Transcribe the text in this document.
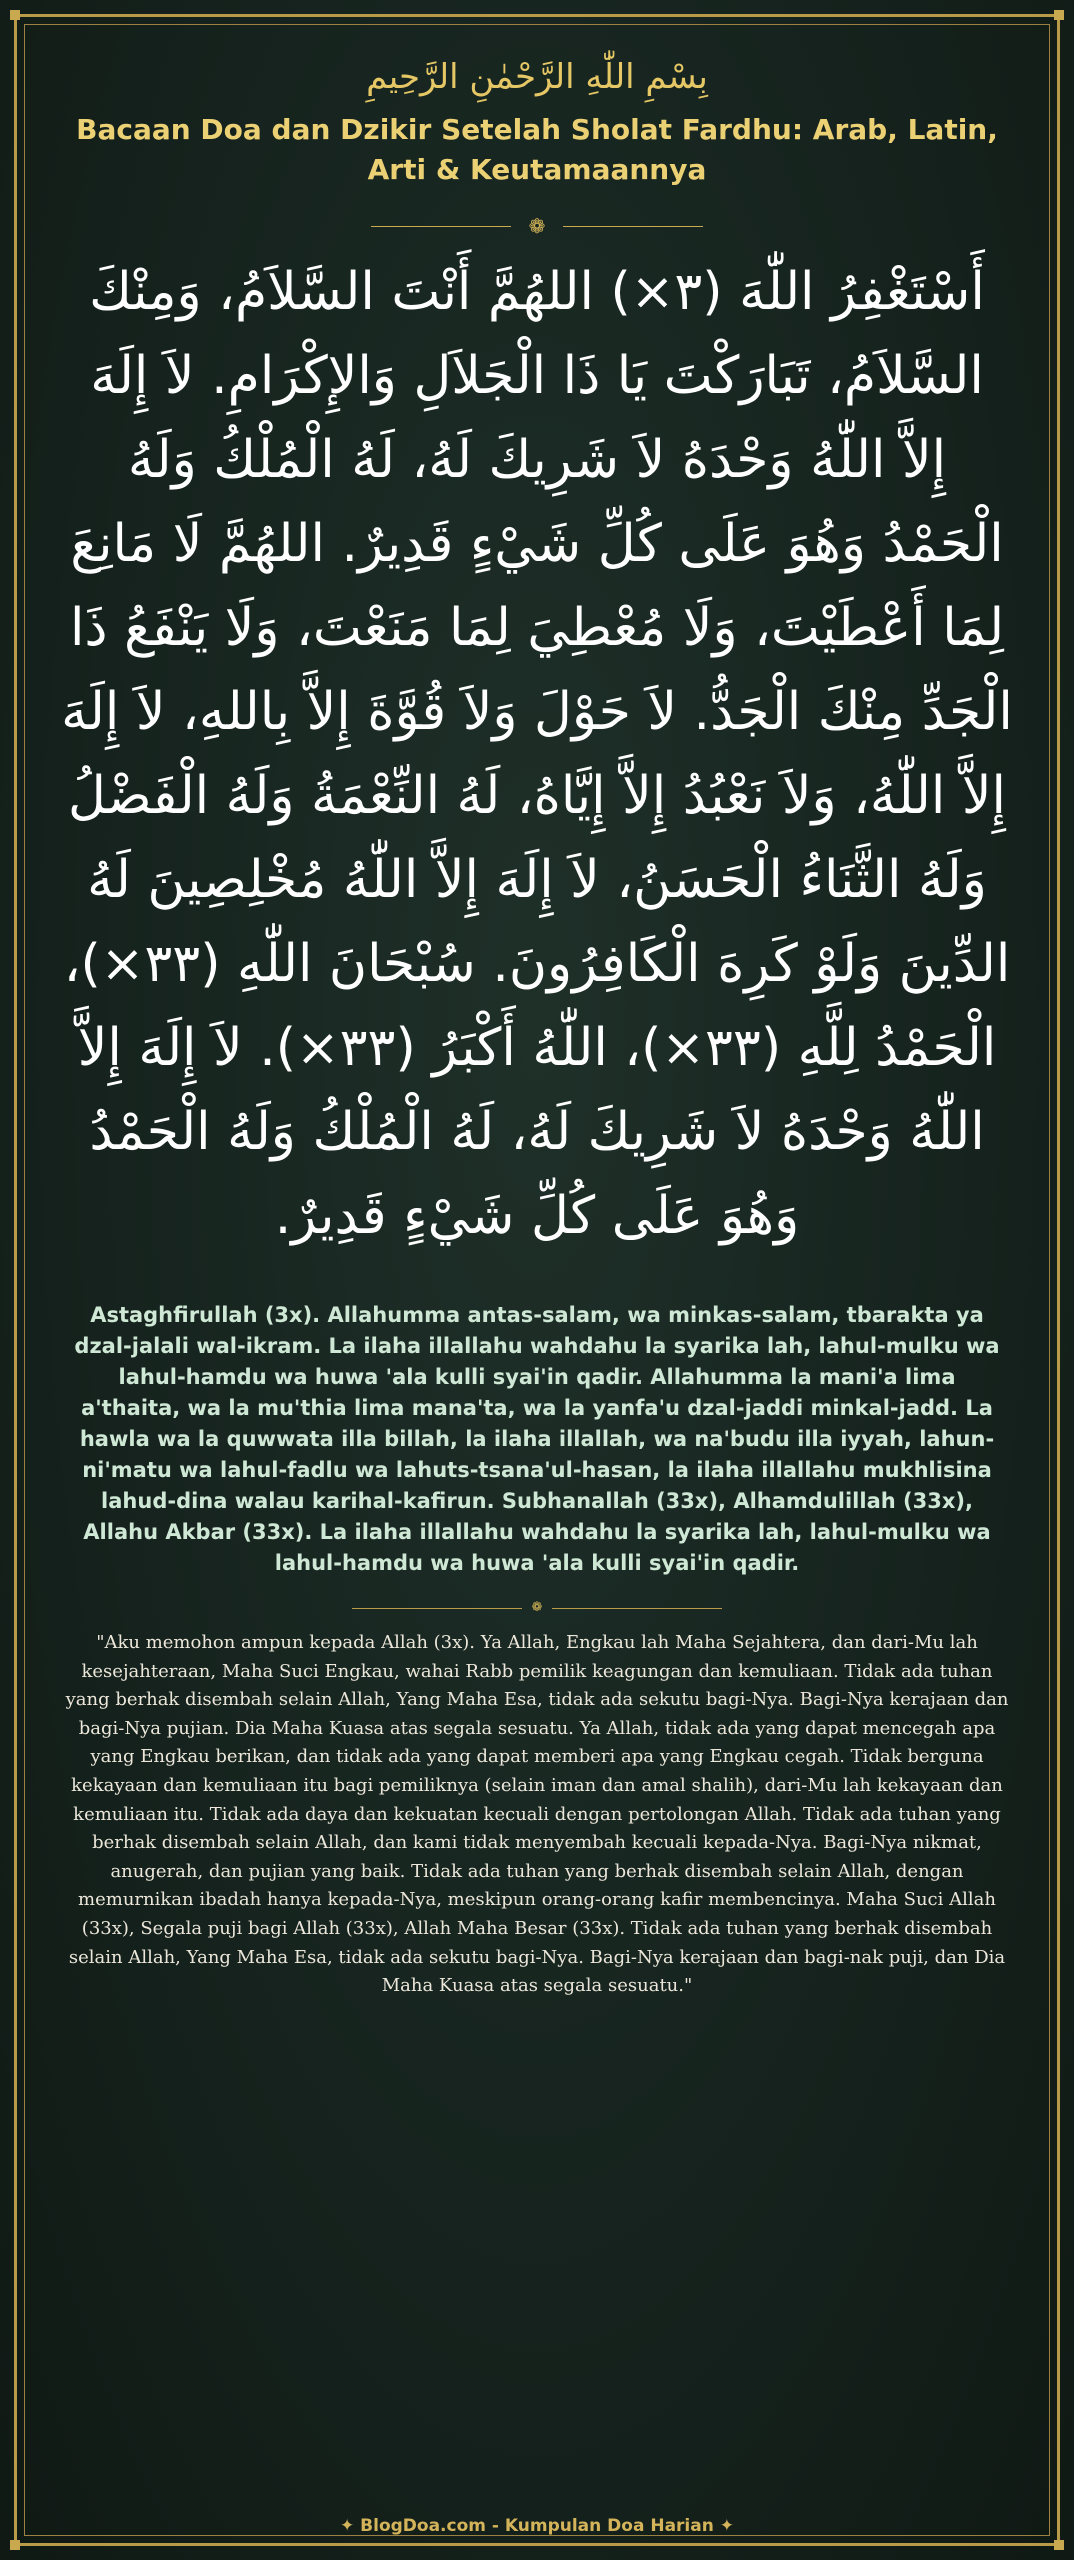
بِسْمِ اللّٰهِ الرَّحْمٰنِ الرَّحِيمِ

Bacaan Doa dan Dzikir Setelah Sholat Fardhu: Arab, Latin, Arti & Keutamaannya
❁

أَسْتَغْفِرُ اللّٰهَ (٣×) اللهُمَّ أَنْتَ السَّلاَمُ، وَمِنْكَ السَّلاَمُ، تَبَارَكْتَ يَا ذَا الْجَلاَلِ وَالإِكْرَامِ. لاَ إِلَهَ إِلاَّ اللّٰهُ وَحْدَهُ لاَ شَرِيكَ لَهُ، لَهُ الْمُلْكُ وَلَهُ الْحَمْدُ وَهُوَ عَلَى كُلِّ شَيْءٍ قَدِيرٌ. اللهُمَّ لَا مَانِعَ لِمَا أَعْطَيْتَ، وَلَا مُعْطِيَ لِمَا مَنَعْتَ، وَلَا يَنْفَعُ ذَا الْجَدِّ مِنْكَ الْجَدُّ. لاَ حَوْلَ وَلاَ قُوَّةَ إِلاَّ بِاللهِ، لاَ إِلَهَ إِلاَّ اللّٰهُ، وَلاَ نَعْبُدُ إِلاَّ إِيَّاهُ، لَهُ النِّعْمَةُ وَلَهُ الْفَضْلُ وَلَهُ الثَّنَاءُ الْحَسَنُ، لاَ إِلَهَ إِلاَّ اللّٰهُ مُخْلِصِينَ لَهُ الدِّينَ وَلَوْ كَرِهَ الْكَافِرُونَ. سُبْحَانَ اللّٰهِ (٣٣×)، الْحَمْدُ لِلَّهِ (٣٣×)، اللّٰهُ أَكْبَرُ (٣٣×). لاَ إِلَهَ إِلاَّ اللّٰهُ وَحْدَهُ لاَ شَرِيكَ لَهُ، لَهُ الْمُلْكُ وَلَهُ الْحَمْدُ وَهُوَ عَلَى كُلِّ شَيْءٍ قَدِيرٌ.

Astaghfirullah (3x). Allahumma antas-salam, wa minkas-salam, tbarakta ya dzal-jalali wal-ikram. La ilaha illallahu wahdahu la syarika lah, lahul-mulku wa lahul-hamdu wa huwa 'ala kulli syai'in qadir. Allahumma la mani'a lima a'thaita, wa la mu'thia lima mana'ta, wa la yanfa'u dzal-jaddi minkal-jadd. La hawla wa la quwwata illa billah, la ilaha illallah, wa na'budu illa iyyah, lahun-ni'matu wa lahul-fadlu wa lahuts-tsana'ul-hasan, la ilaha illallahu mukhlisina lahud-dina walau karihal-kafirun. Subhanallah (33x), Alhamdulillah (33x), Allahu Akbar (33x). La ilaha illallahu wahdahu la syarika lah, lahul-mulku wa lahul-hamdu wa huwa 'ala kulli syai'in qadir.

❁

"Aku memohon ampun kepada Allah (3x). Ya Allah, Engkau lah Maha Sejahtera, dan dari-Mu lah kesejahteraan, Maha Suci Engkau, wahai Rabb pemilik keagungan dan kemuliaan. Tidak ada tuhan yang berhak disembah selain Allah, Yang Maha Esa, tidak ada sekutu bagi-Nya. Bagi-Nya kerajaan dan bagi-Nya pujian. Dia Maha Kuasa atas segala sesuatu. Ya Allah, tidak ada yang dapat mencegah apa yang Engkau berikan, dan tidak ada yang dapat memberi apa yang Engkau cegah. Tidak berguna kekayaan dan kemuliaan itu bagi pemiliknya (selain iman dan amal shalih), dari-Mu lah kekayaan dan kemuliaan itu. Tidak ada daya dan kekuatan kecuali dengan pertolongan Allah. Tidak ada tuhan yang berhak disembah selain Allah, dan kami tidak menyembah kecuali kepada-Nya. Bagi-Nya nikmat, anugerah, dan pujian yang baik. Tidak ada tuhan yang berhak disembah selain Allah, dengan memurnikan ibadah hanya kepada-Nya, meskipun orang-orang kafir membencinya. Maha Suci Allah (33x), Segala puji bagi Allah (33x), Allah Maha Besar (33x). Tidak ada tuhan yang berhak disembah selain Allah, Yang Maha Esa, tidak ada sekutu bagi-Nya. Bagi-Nya kerajaan dan bagi-nak puji, dan Dia Maha Kuasa atas segala sesuatu."

✦ BlogDoa.com - Kumpulan Doa Harian ✦
